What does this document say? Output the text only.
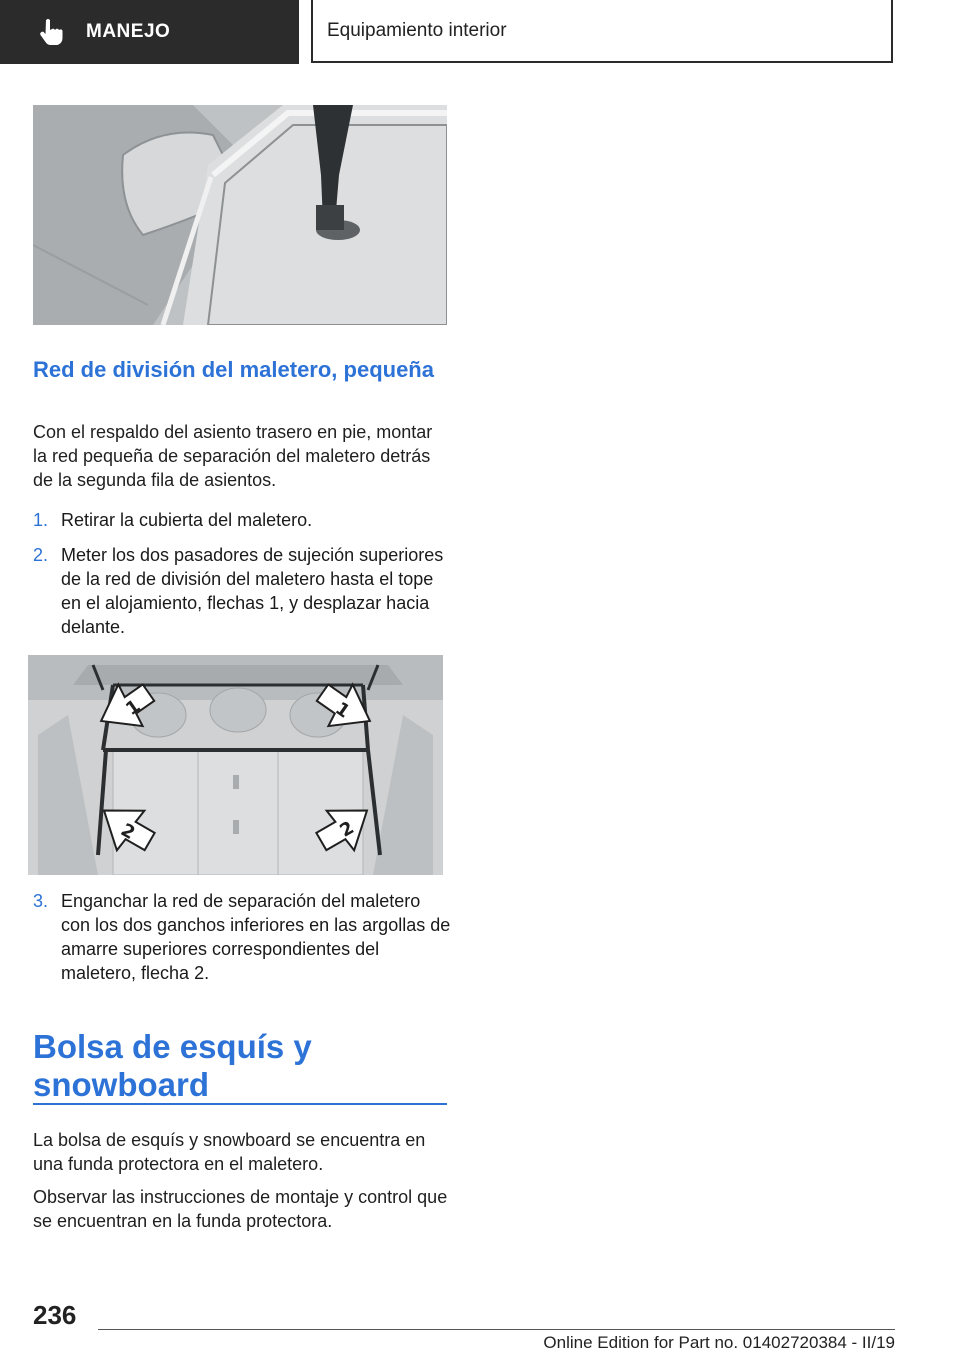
MANEJO	Equipamiento interior
Red de división del maletero, pequeña

Con el respaldo del asiento trasero en pie, montar la red pequeña de separación del maletero detrás de la segunda fila de asientos.

1. Retirar la cubierta del maletero.
2. Meter los dos pasadores de sujeción superiores de la red de división del maletero hasta el tope en el alojamiento, flechas 1, y desplazar hacia delante.
1	1
2	2
3. Enganchar la red de separación del maletero con los dos ganchos inferiores en las argollas de amarre superiores correspondientes del maletero, flecha 2.
Bolsa de esquís y snowboard

La bolsa de esquís y snowboard se encuentra en una funda protectora en el maletero.

Observar las instrucciones de montaje y control que se encuentran en la funda protectora.

236
Online Edition for Part no. 01402720384 - II/19
